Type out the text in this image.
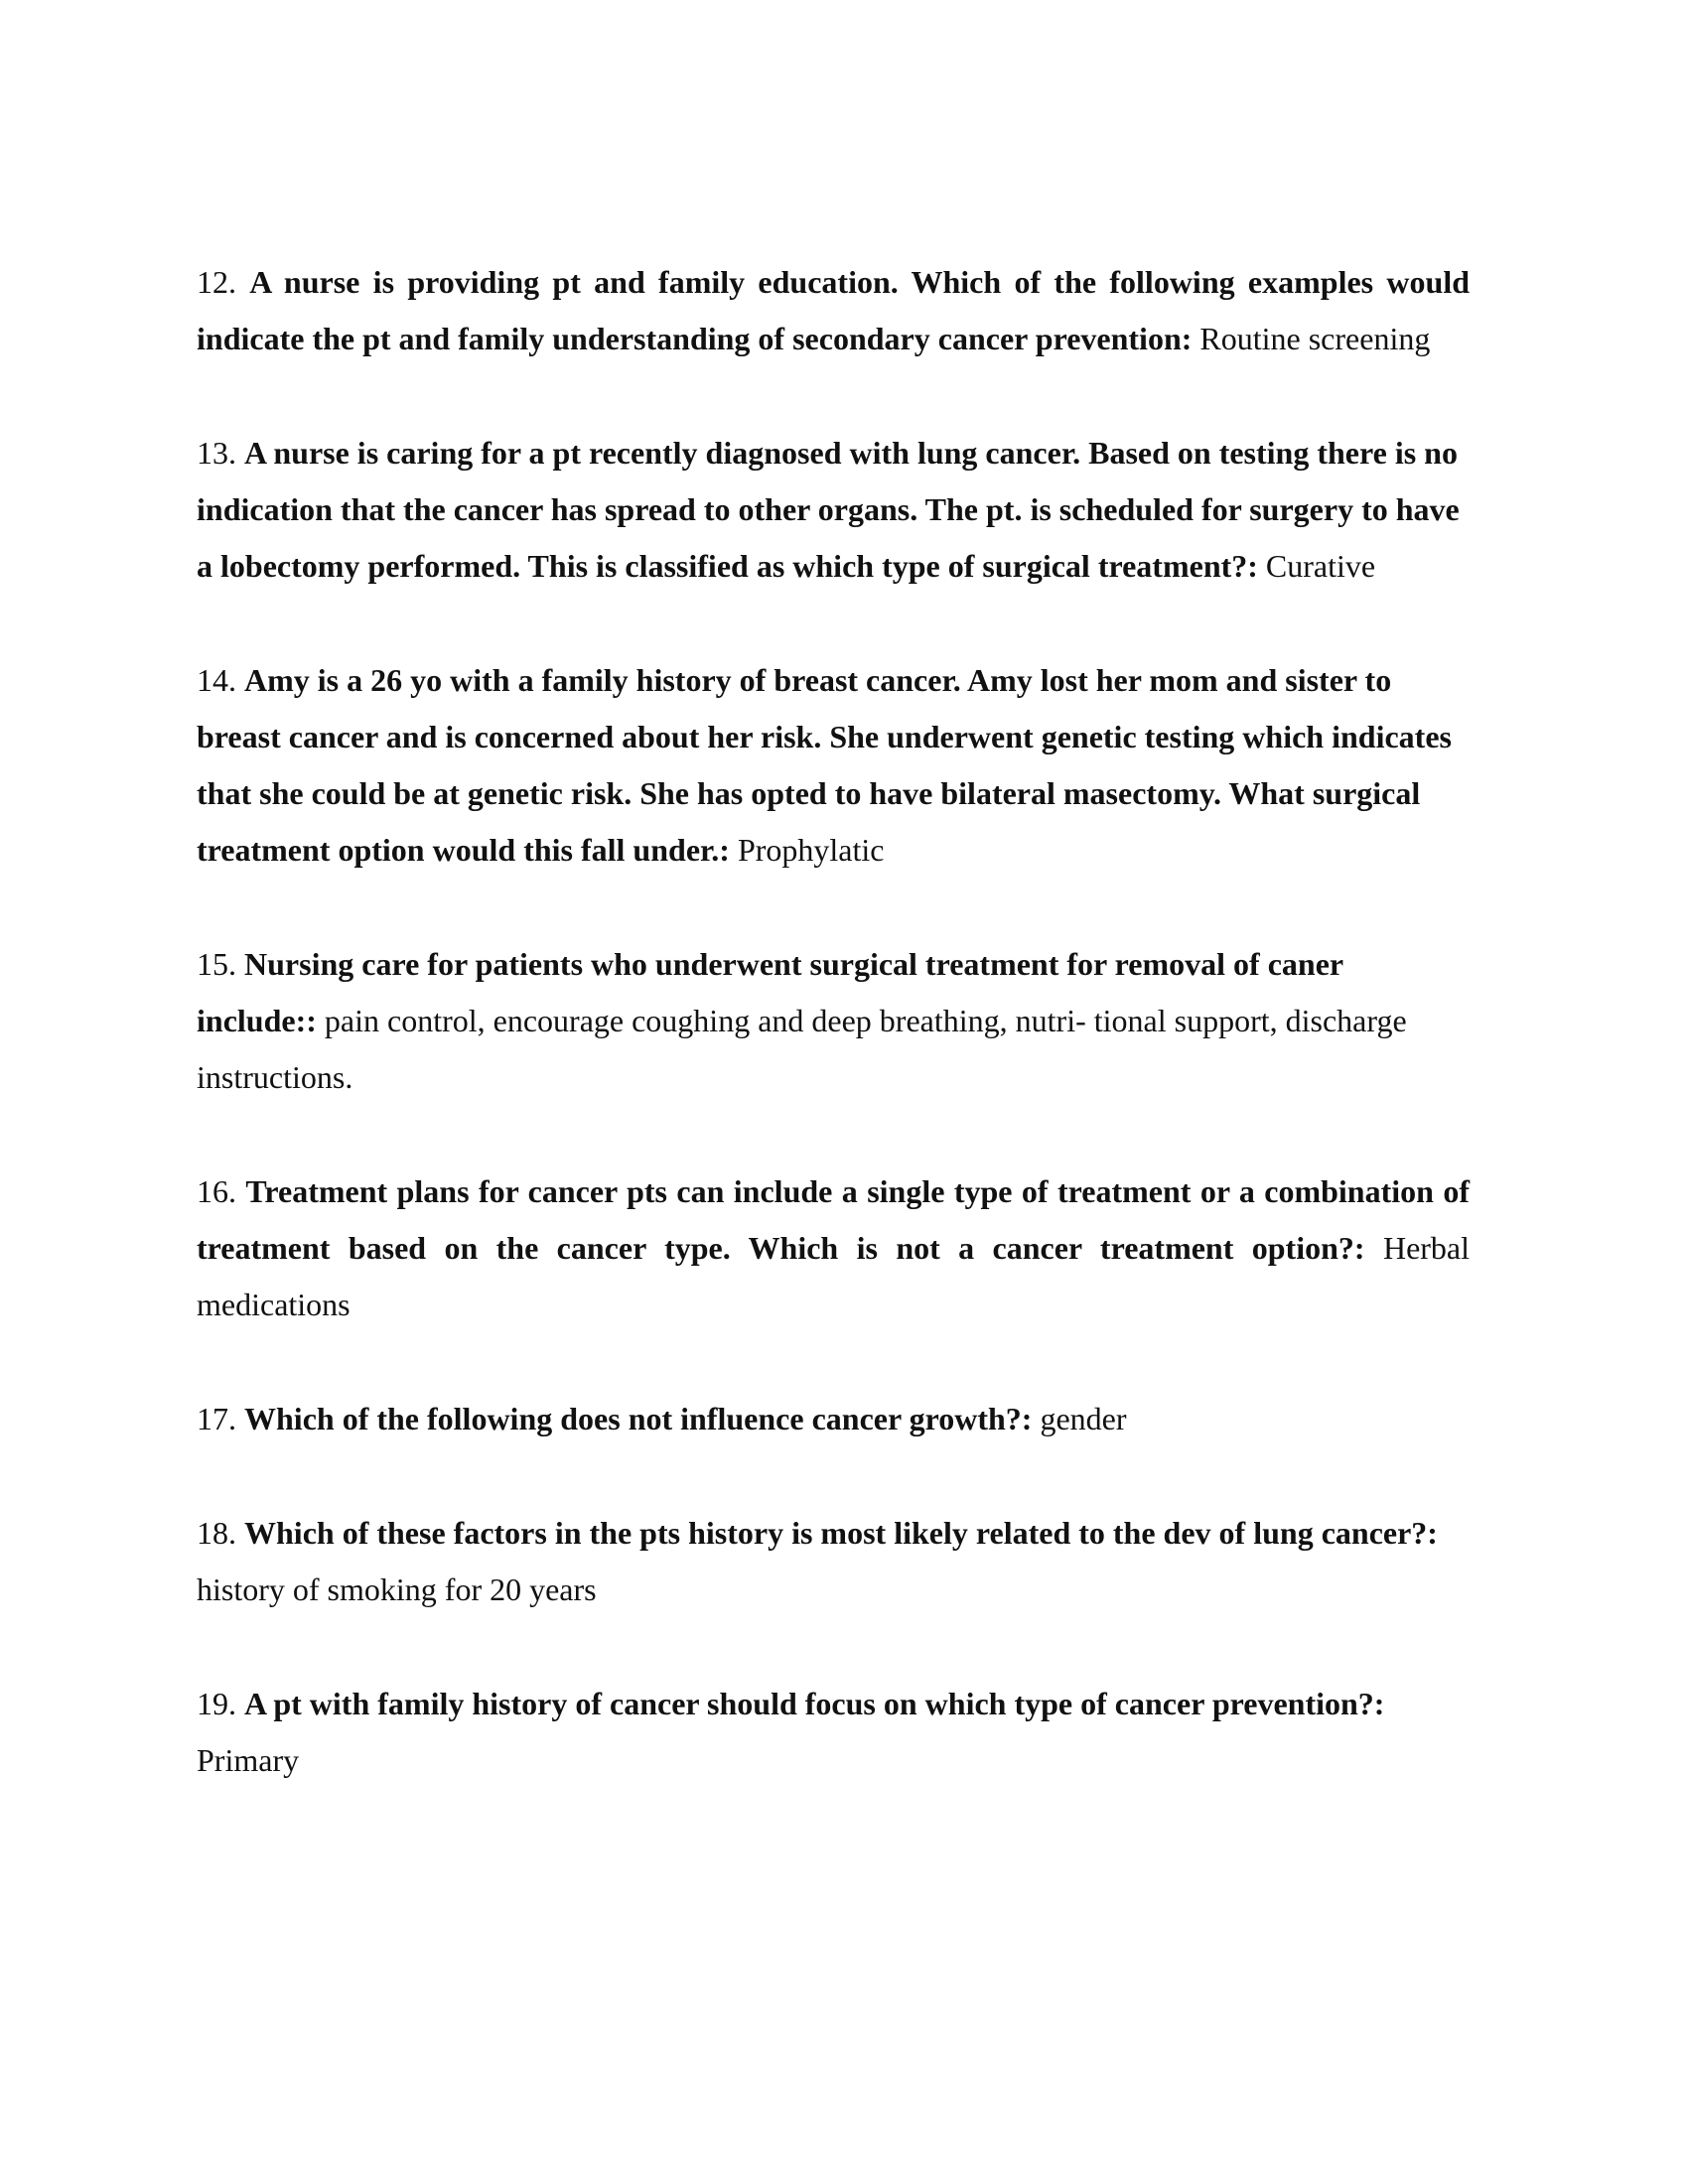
12. A nurse is providing pt and family education. Which of the following examples would indicate the pt and family understanding of secondary cancer prevention: Routine screening

13. A nurse is caring for a pt recently diagnosed with lung cancer. Based on testing there is no indication that the cancer has spread to other organs. The pt. is scheduled for surgery to have a lobectomy performed. This is classified as which type of surgical treatment?: Curative

14. Amy is a 26 yo with a family history of breast cancer. Amy lost her mom and sister to breast cancer and is concerned about her risk. She underwent genetic testing which indicates that she could be at genetic risk. She has opted to have bilateral masectomy. What surgical treatment option would this fall under.: Prophylatic

15. Nursing care for patients who underwent surgical treatment for removal of caner include:: pain control, encourage coughing and deep breathing, nutri- tional support, discharge instructions.

16. Treatment plans for cancer pts can include a single type of treatment or a combination of treatment based on the cancer type. Which is not a cancer treatment option?: Herbal medications

17. Which of the following does not influence cancer growth?: gender

18. Which of these factors in the pts history is most likely related to the dev of lung cancer?: history of smoking for 20 years

19. A pt with family history of cancer should focus on which type of cancer prevention?: Primary
